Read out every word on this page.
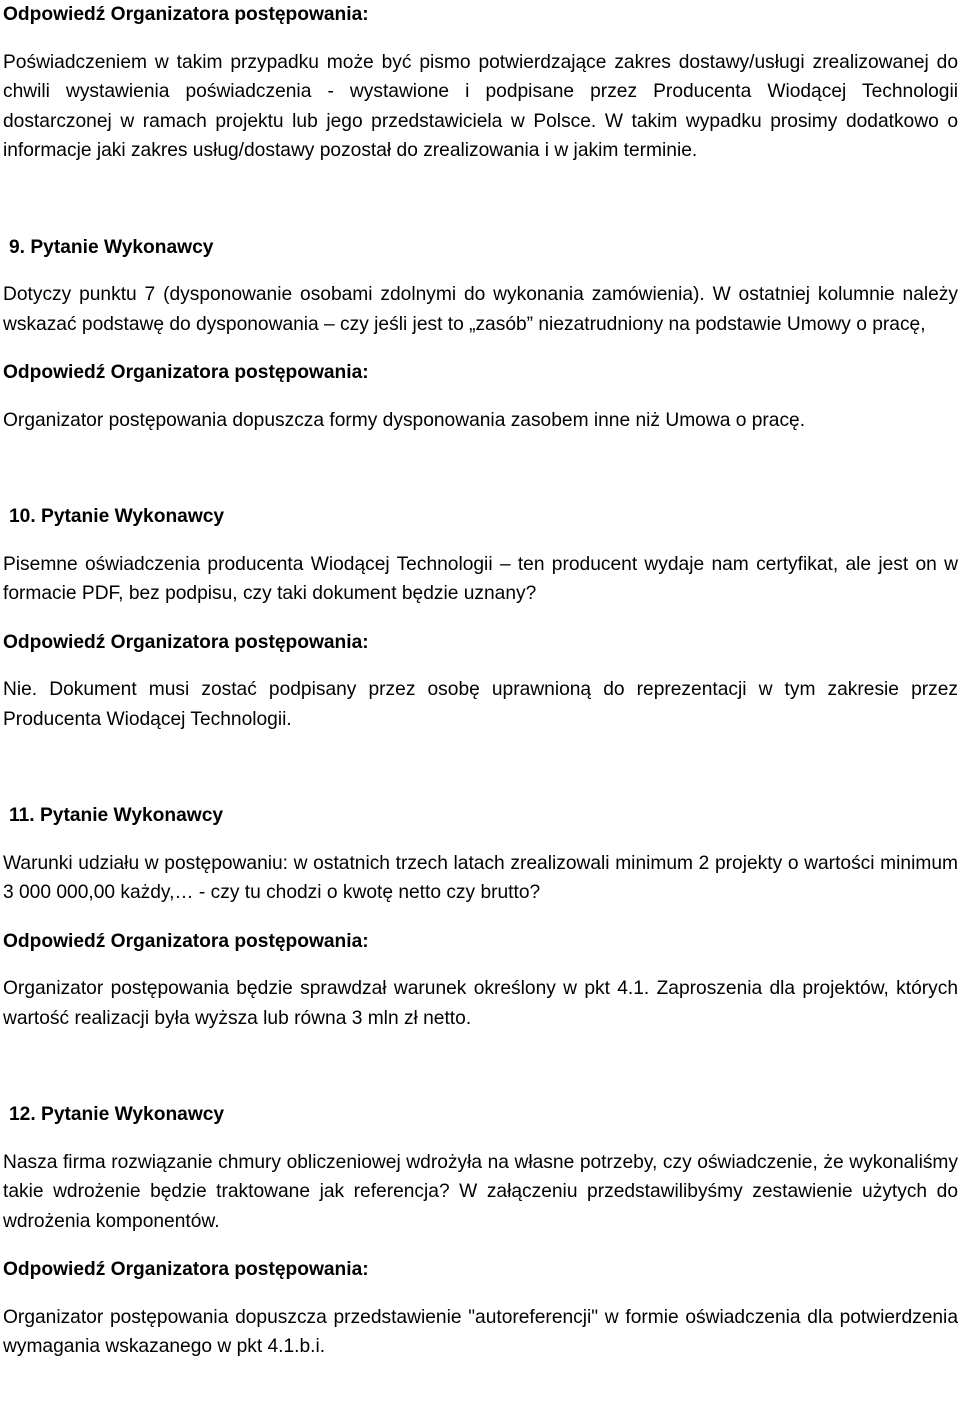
Odpowiedź Organizatora postępowania:

Poświadczeniem w takim przypadku może być pismo potwierdzające zakres dostawy/usługi zrealizowanej do chwili wystawienia poświadczenia - wystawione i podpisane przez Producenta Wiodącej Technologii dostarczonej w ramach projektu lub jego przedstawiciela w Polsce. W takim wypadku prosimy dodatkowo o informacje jaki zakres usług/dostawy pozostał do zrealizowania i w jakim terminie.

9. Pytanie Wykonawcy

Dotyczy punktu 7 (dysponowanie osobami zdolnymi do wykonania zamówienia). W ostatniej kolumnie należy wskazać podstawę do dysponowania – czy jeśli jest to „zasób” niezatrudniony na podstawie Umowy o pracę,

Odpowiedź Organizatora postępowania:

Organizator postępowania dopuszcza formy dysponowania zasobem inne niż Umowa o pracę.

10. Pytanie Wykonawcy

Pisemne oświadczenia producenta Wiodącej Technologii – ten producent wydaje nam certyfikat, ale jest on w formacie PDF, bez podpisu, czy taki dokument będzie uznany?

Odpowiedź Organizatora postępowania:

Nie. Dokument musi zostać podpisany przez osobę uprawnioną do reprezentacji w tym zakresie przez Producenta Wiodącej Technologii.

11. Pytanie Wykonawcy

Warunki udziału w postępowaniu: w ostatnich trzech latach zrealizowali minimum 2 projekty o wartości minimum 3 000 000,00 każdy,… - czy tu chodzi o kwotę netto czy brutto?

Odpowiedź Organizatora postępowania:

Organizator postępowania będzie sprawdzał warunek określony w pkt 4.1. Zaproszenia dla projektów, których wartość realizacji była wyższa lub równa 3 mln zł netto.

12. Pytanie Wykonawcy

Nasza firma rozwiązanie chmury obliczeniowej wdrożyła na własne potrzeby, czy oświadczenie, że wykonaliśmy takie wdrożenie będzie traktowane jak referencja? W załączeniu przedstawilibyśmy zestawienie użytych do wdrożenia komponentów.

Odpowiedź Organizatora postępowania:

Organizator postępowania dopuszcza przedstawienie "autoreferencji" w formie oświadczenia dla potwierdzenia wymagania wskazanego w pkt 4.1.b.i.
